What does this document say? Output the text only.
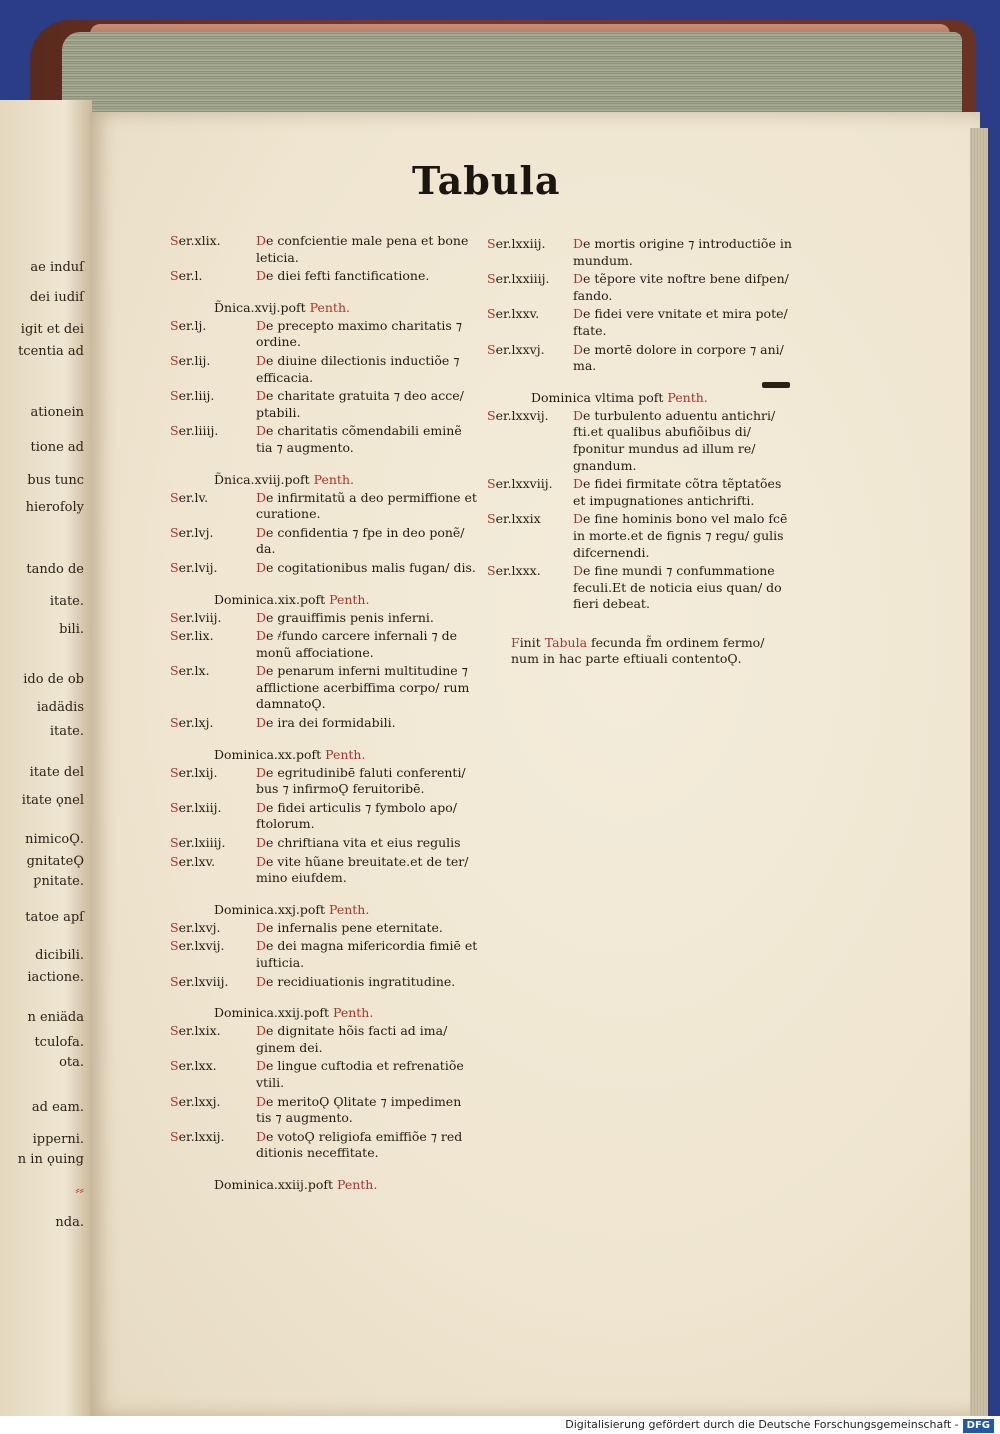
ae induſ
dei iudiſ
igit et dei
tcentia ad
ationein
tione ad
bus tunc
hierofoly
tando de
itate.
bili.
ido de ob
iadädis
itate.
itate del
itate ǫnel
nimicoǪ.
gnitateǪ
ƿnitate.
tatoe apſ
dicibili.
iactione.
n eniäda
tculofa.
ota.
ad eam.
ipperni.
n in ǫuing
⸗⸗
nda.
Tabula
Ser.xlix.	De confcientie male pena et bone leticia.
Ser.l.	De diei fefti fanctificatione.
D̃nica.xvij.poft Penth.
Ser.lj.	De precepto maximo charitatis ⁊ ordine.
Ser.lij.	De diuine dilectionis inductiõe ⁊ efficacia.
Ser.liij.	De charitate gratuita ⁊ deo acce/ ptabili.
Ser.liiij.	De charitatis cõmendabili eminẽ tia ⁊ augmento.
D̃nica.xviij.poft Penth.
Ser.lv.	De infirmitatũ a deo permiffione et curatione.
Ser.lvj.	De confidentia ⁊ fpe in deo ponẽ/ da.
Ser.lvij.	De cogitationibus malis fugan/ dis.
Dominica.xix.poft Penth.
Ser.lviij.	De grauiffimis penis inferni.
Ser.lix.	De ҂fundo carcere infernali ⁊ de monũ affociatione.
Ser.lx.	De penarum inferni multitudine ⁊ afflictione acerbiffima corpo/ rum damnatoǪ.
Ser.lxj.	De ira dei formidabili.
Dominica.xx.poft Penth.
Ser.lxij.	De egritudinibē faluti conferenti/ bus ⁊ infirmoǪ feruitoribē.
Ser.lxiij.	De fidei articulis ⁊ fymbolo apo/ ftolorum.
Ser.lxiiij.	De chriftiana vita et eius regulis
Ser.lxv.	De vite hũane breuitate.et de ter/ mino eiufdem.
Dominica.xxj.poft Penth.
Ser.lxvj.	De infernalis pene eternitate.
Ser.lxvij.	De dei magna mifericordia fimiē et iufticia.
Ser.lxviij.	De recidiuationis ingratitudine.
Dominica.xxij.poft Penth.
Ser.lxix.	De dignitate hõis facti ad ima/ ginem dei.
Ser.lxx.	De lingue cuftodia et refrenatiõe vtili.
Ser.lxxj.	De meritoǪ Ǫlitate ⁊ impedimen tis ⁊ augmento.
Ser.lxxij.	De votoǪ religiofa emiffiõe ⁊ red ditionis neceffitate.
Dominica.xxiij.poft Penth.
Ser.lxxiij.	De mortis origine ⁊ introductiõe in mundum.
Ser.lxxiiij.	De tẽpore vite noftre bene difpen/ fando.
Ser.lxxv.	De fidei vere vnitate et mira pote/ ftate.
Ser.lxxvj.	De mortē dolore in corpore ⁊ ani/ ma.
Dominica vltima poft Penth.
Ser.lxxvij.	De turbulento aduentu antichri/ fti.et qualibus abufiõibus di/ fponitur mundus ad illum re/ gnandum.
Ser.lxxviij.	De fidei firmitate cõtra tẽptatões et impugnationes antichrifti.
Ser.lxxix	De fine hominis bono vel malo fcē in morte.et de fignis ⁊ regu/ gulis difcernendi.
Ser.lxxx.	De fine mundi ⁊ confummatione feculi.Et de noticia eius quan/ do fieri debeat.
Finit Tabula fecunda f̃m ordinem fermo/ num in hac parte eftiuali contentoǪ.
Digitalisierung gefördert durch die Deutsche Forschungsgemeinschaft - DFG
